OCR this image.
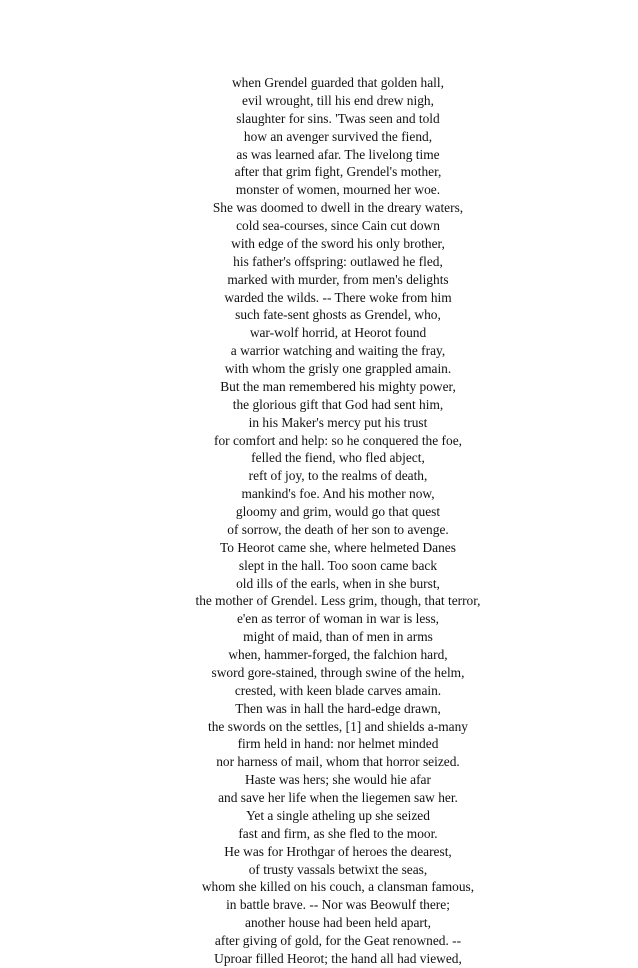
when Grendel guarded that golden hall,
evil wrought, till his end drew nigh,
slaughter for sins. 'Twas seen and told
how an avenger survived the fiend,
as was learned afar. The livelong time
after that grim fight, Grendel's mother,
monster of women, mourned her woe.
She was doomed to dwell in the dreary waters,
cold sea-courses, since Cain cut down
with edge of the sword his only brother,
his father's offspring: outlawed he fled,
marked with murder, from men's delights
warded the wilds. -- There woke from him
such fate-sent ghosts as Grendel, who,
war-wolf horrid, at Heorot found
a warrior watching and waiting the fray,
with whom the grisly one grappled amain.
But the man remembered his mighty power,
the glorious gift that God had sent him,
in his Maker's mercy put his trust
for comfort and help: so he conquered the foe,
felled the fiend, who fled abject,
reft of joy, to the realms of death,
mankind's foe. And his mother now,
gloomy and grim, would go that quest
of sorrow, the death of her son to avenge.
To Heorot came she, where helmeted Danes
slept in the hall. Too soon came back
old ills of the earls, when in she burst,
the mother of Grendel. Less grim, though, that terror,
e'en as terror of woman in war is less,
might of maid, than of men in arms
when, hammer-forged, the falchion hard,
sword gore-stained, through swine of the helm,
crested, with keen blade carves amain.
Then was in hall the hard-edge drawn,
the swords on the settles, [1] and shields a-many
firm held in hand: nor helmet minded
nor harness of mail, whom that horror seized.
Haste was hers; she would hie afar
and save her life when the liegemen saw her.
Yet a single atheling up she seized
fast and firm, as she fled to the moor.
He was for Hrothgar of heroes the dearest,
of trusty vassals betwixt the seas,
whom she killed on his couch, a clansman famous,
in battle brave. -- Nor was Beowulf there;
another house had been held apart,
after giving of gold, for the Geat renowned. --
Uproar filled Heorot; the hand all had viewed,
